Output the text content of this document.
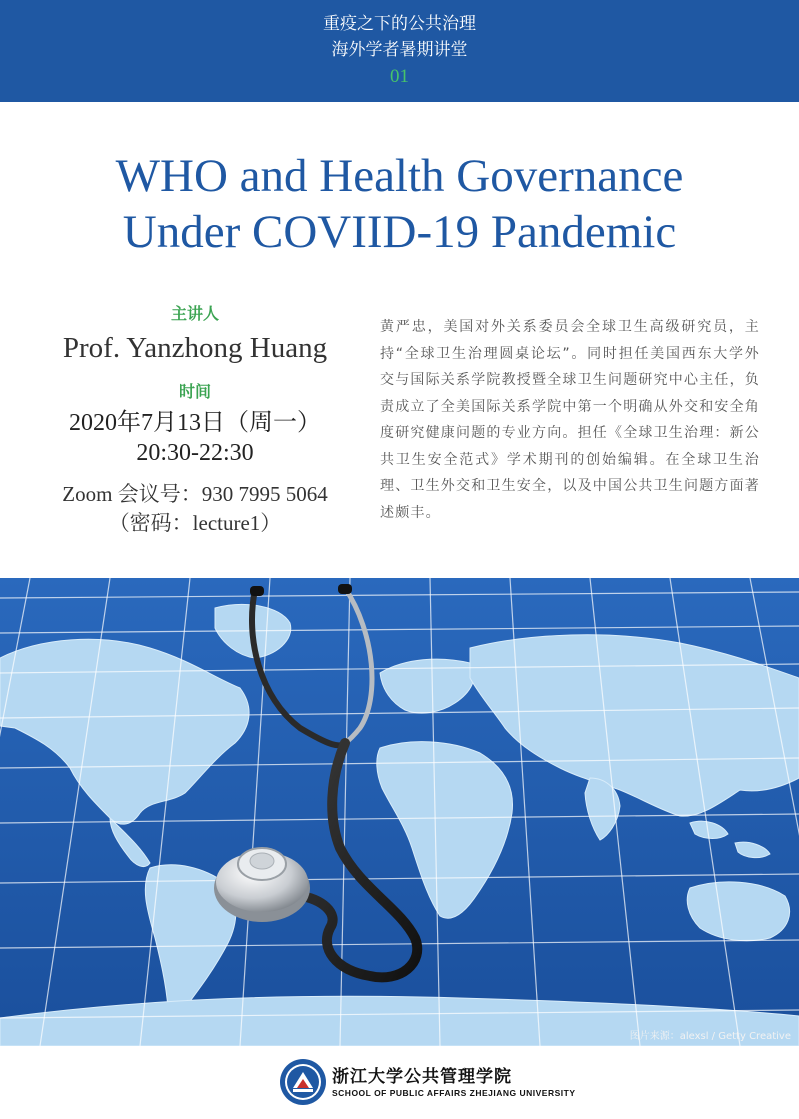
重疫之下的公共治理
海外学者暑期讲堂
01
WHO and Health Governance
Under COVIID-19 Pandemic
主讲人
Prof. Yanzhong Huang
时间
2020年7月13日（周一）
20:30-22:30
Zoom 会议号：930 7995 5064
（密码：lecture1）
黄严忠，美国对外关系委员会全球卫生高级研究员，主持“全球卫生治理圆桌论坛”。同时担任美国西东大学外交与国际关系学院教授暨全球卫生问题研究中心主任，负责成立了全美国际关系学院中第一个明确从外交和安全角度研究健康问题的专业方向。担任《全球卫生治理：新公共卫生安全范式》学术期刊的创始编辑。在全球卫生治理、卫生外交和卫生安全，以及中国公共卫生问题方面著述颇丰。
图片来源：alexsl / Getty Creative
浙江大学公共管理学院
SCHOOL OF PUBLIC AFFAIRS ZHEJIANG UNIVERSITY
